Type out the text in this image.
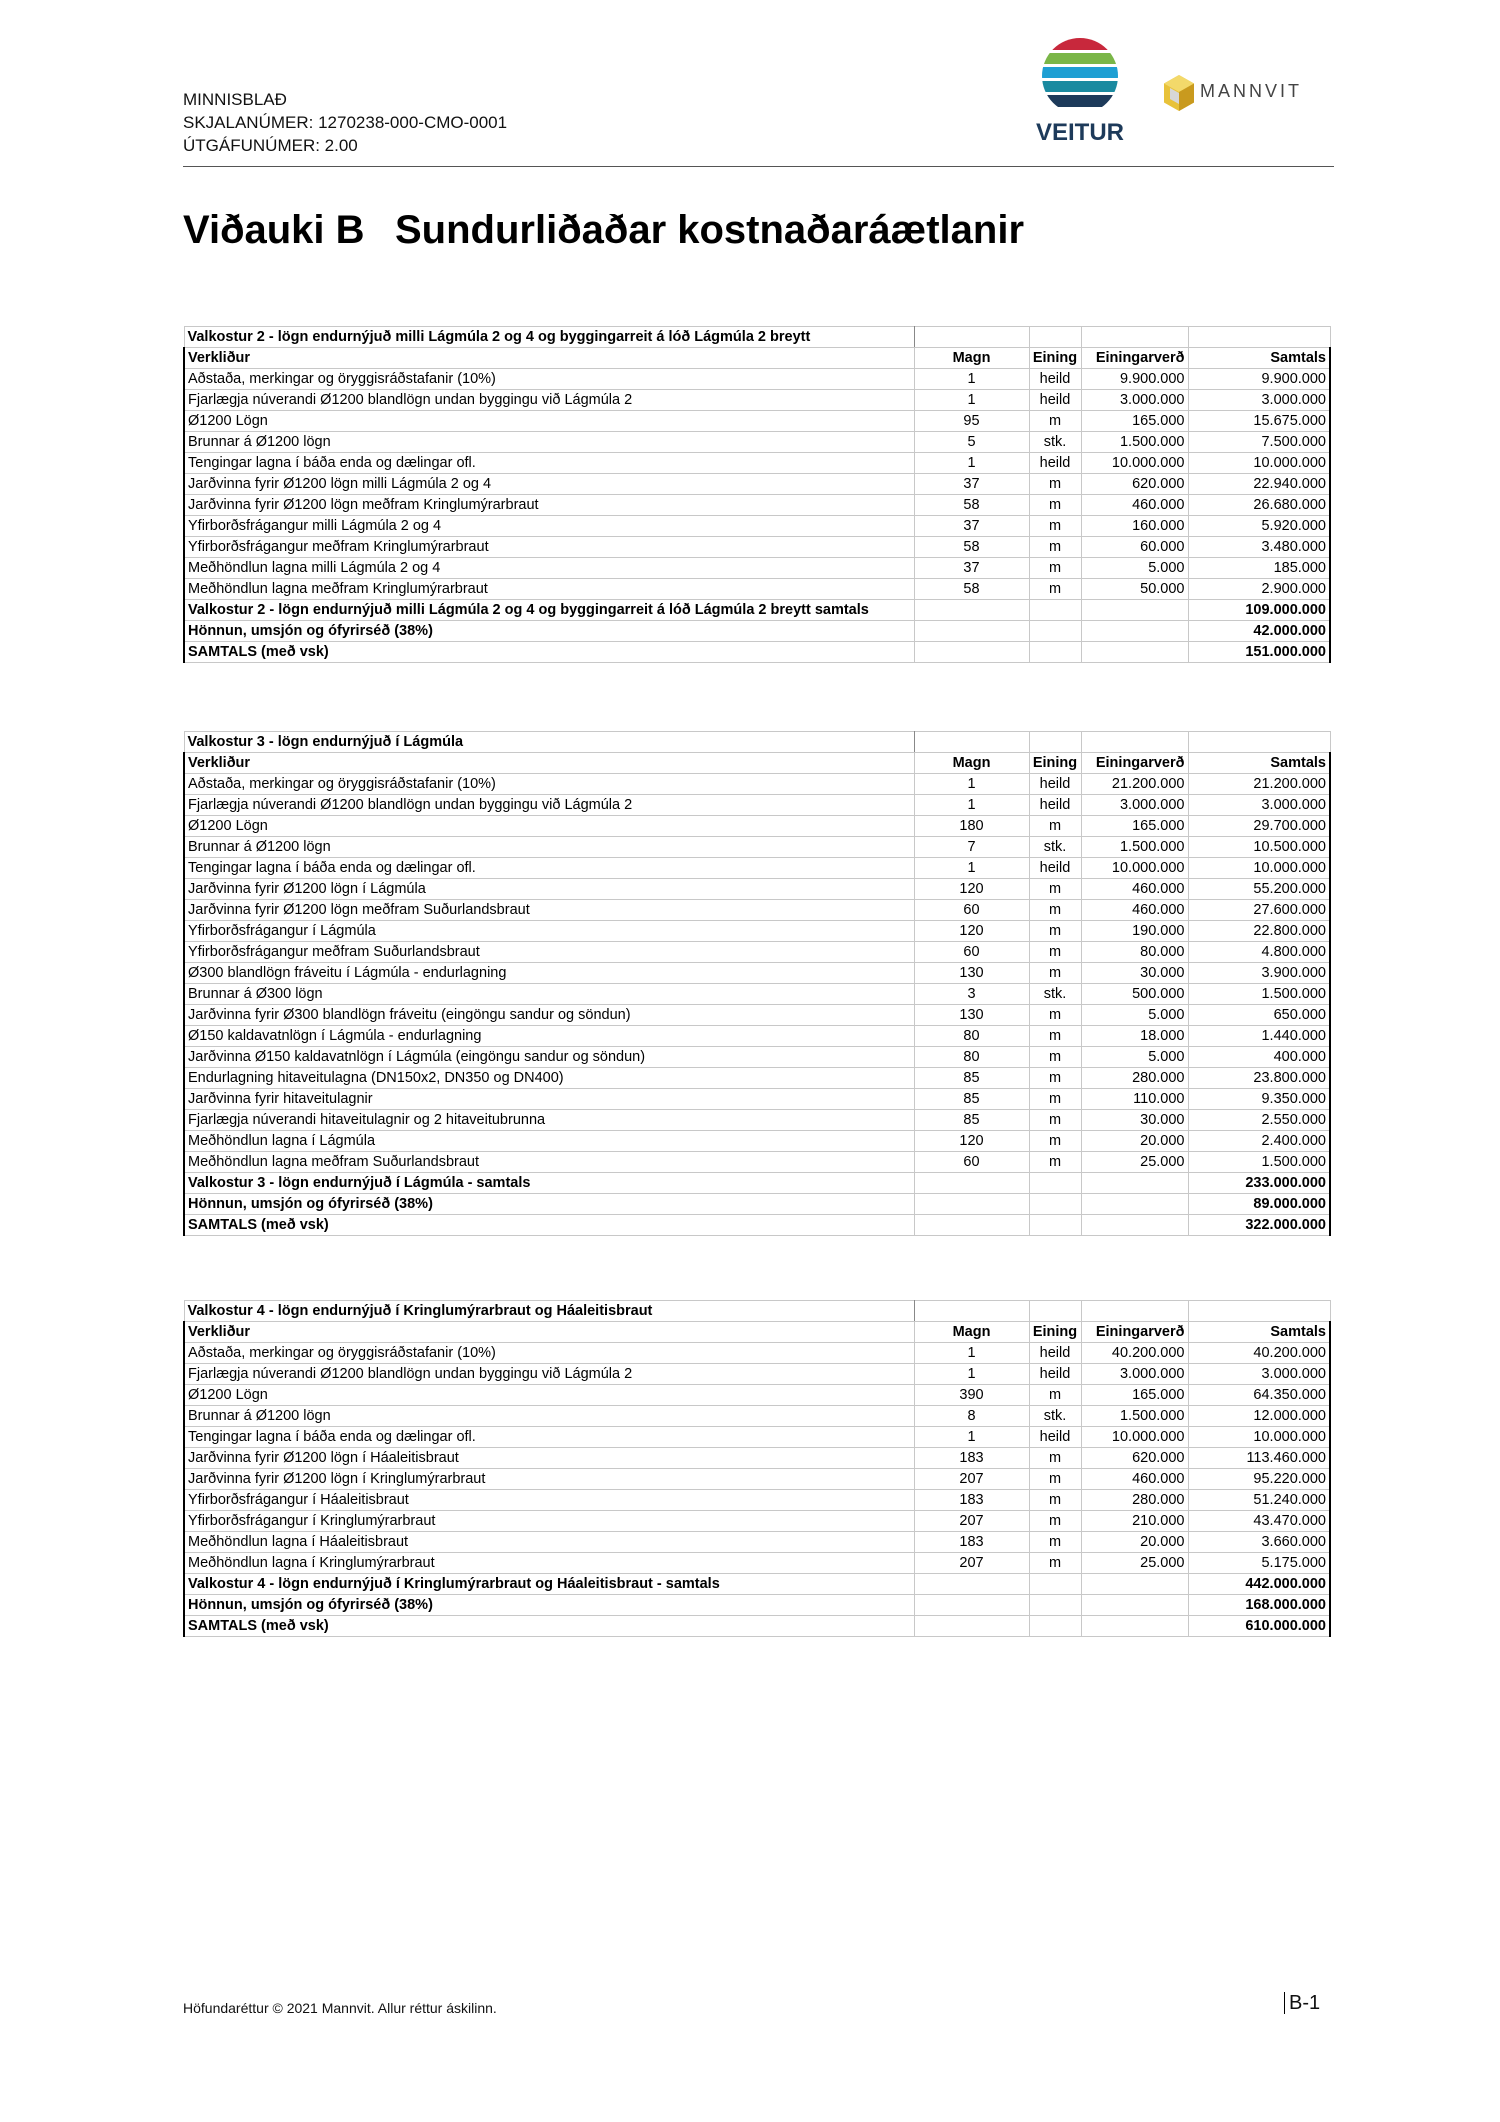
MINNISBLAÐ
SKJALANÚMER: 1270238-000-CMO-0001
ÚTGÁFUNÚMER: 2.00	VEITUR
MANNVIT
Viðauki B Sundurliðaðar kostnaðaráætlanir
Valkostur 2 - lögn endurnýjuð milli Lágmúla 2 og 4 og byggingarreit á lóð Lágmúla 2 breytt				
Verkliður	Magn	Eining	Einingarverð	Samtals
Aðstaða, merkingar og öryggisráðstafanir (10%)	1	heild	9.900.000	9.900.000
Fjarlægja núverandi Ø1200 blandlögn undan byggingu við Lágmúla 2	1	heild	3.000.000	3.000.000
Ø1200 Lögn	95	m	165.000	15.675.000
Brunnar á Ø1200 lögn	5	stk.	1.500.000	7.500.000
Tengingar lagna í báða enda og dælingar ofl.	1	heild	10.000.000	10.000.000
Jarðvinna fyrir Ø1200 lögn milli Lágmúla 2 og 4	37	m	620.000	22.940.000
Jarðvinna fyrir Ø1200 lögn meðfram Kringlumýrarbraut	58	m	460.000	26.680.000
Yfirborðsfrágangur milli Lágmúla 2 og 4	37	m	160.000	5.920.000
Yfirborðsfrágangur meðfram Kringlumýrarbraut	58	m	60.000	3.480.000
Meðhöndlun lagna milli Lágmúla 2 og 4	37	m	5.000	185.000
Meðhöndlun lagna meðfram Kringlumýrarbraut	58	m	50.000	2.900.000
Valkostur 2 - lögn endurnýjuð milli Lágmúla 2 og 4 og byggingarreit á lóð Lágmúla 2 breytt samtals				109.000.000
Hönnun, umsjón og ófyrirséð (38%)				42.000.000
SAMTALS (með vsk)				151.000.000
Valkostur 3 - lögn endurnýjuð í Lágmúla				
Verkliður	Magn	Eining	Einingarverð	Samtals
Aðstaða, merkingar og öryggisráðstafanir (10%)	1	heild	21.200.000	21.200.000
Fjarlægja núverandi Ø1200 blandlögn undan byggingu við Lágmúla 2	1	heild	3.000.000	3.000.000
Ø1200 Lögn	180	m	165.000	29.700.000
Brunnar á Ø1200 lögn	7	stk.	1.500.000	10.500.000
Tengingar lagna í báða enda og dælingar ofl.	1	heild	10.000.000	10.000.000
Jarðvinna fyrir Ø1200 lögn í Lágmúla	120	m	460.000	55.200.000
Jarðvinna fyrir Ø1200 lögn meðfram Suðurlandsbraut	60	m	460.000	27.600.000
Yfirborðsfrágangur í Lágmúla	120	m	190.000	22.800.000
Yfirborðsfrágangur meðfram Suðurlandsbraut	60	m	80.000	4.800.000
Ø300 blandlögn fráveitu í Lágmúla - endurlagning	130	m	30.000	3.900.000
Brunnar á Ø300 lögn	3	stk.	500.000	1.500.000
Jarðvinna fyrir Ø300 blandlögn fráveitu (eingöngu sandur og söndun)	130	m	5.000	650.000
Ø150 kaldavatnlögn í Lágmúla - endurlagning	80	m	18.000	1.440.000
Jarðvinna Ø150 kaldavatnlögn í Lágmúla (eingöngu sandur og söndun)	80	m	5.000	400.000
Endurlagning hitaveitulagna (DN150x2, DN350 og DN400)	85	m	280.000	23.800.000
Jarðvinna fyrir hitaveitulagnir	85	m	110.000	9.350.000
Fjarlægja núverandi hitaveitulagnir og 2 hitaveitubrunna	85	m	30.000	2.550.000
Meðhöndlun lagna í Lágmúla	120	m	20.000	2.400.000
Meðhöndlun lagna meðfram Suðurlandsbraut	60	m	25.000	1.500.000
Valkostur 3 - lögn endurnýjuð í Lágmúla - samtals				233.000.000
Hönnun, umsjón og ófyrirséð (38%)				89.000.000
SAMTALS (með vsk)				322.000.000
Valkostur 4 - lögn endurnýjuð í Kringlumýrarbraut og Háaleitisbraut				
Verkliður	Magn	Eining	Einingarverð	Samtals
Aðstaða, merkingar og öryggisráðstafanir (10%)	1	heild	40.200.000	40.200.000
Fjarlægja núverandi Ø1200 blandlögn undan byggingu við Lágmúla 2	1	heild	3.000.000	3.000.000
Ø1200 Lögn	390	m	165.000	64.350.000
Brunnar á Ø1200 lögn	8	stk.	1.500.000	12.000.000
Tengingar lagna í báða enda og dælingar ofl.	1	heild	10.000.000	10.000.000
Jarðvinna fyrir Ø1200 lögn í Háaleitisbraut	183	m	620.000	113.460.000
Jarðvinna fyrir Ø1200 lögn í Kringlumýrarbraut	207	m	460.000	95.220.000
Yfirborðsfrágangur í Háaleitisbraut	183	m	280.000	51.240.000
Yfirborðsfrágangur í Kringlumýrarbraut	207	m	210.000	43.470.000
Meðhöndlun lagna í Háaleitisbraut	183	m	20.000	3.660.000
Meðhöndlun lagna í Kringlumýrarbraut	207	m	25.000	5.175.000
Valkostur 4 - lögn endurnýjuð í Kringlumýrarbraut og Háaleitisbraut - samtals				442.000.000
Hönnun, umsjón og ófyrirséð (38%)				168.000.000
SAMTALS (með vsk)				610.000.000
Höfundaréttur © 2021 Mannvit. Allur réttur áskilinn.	B-1
